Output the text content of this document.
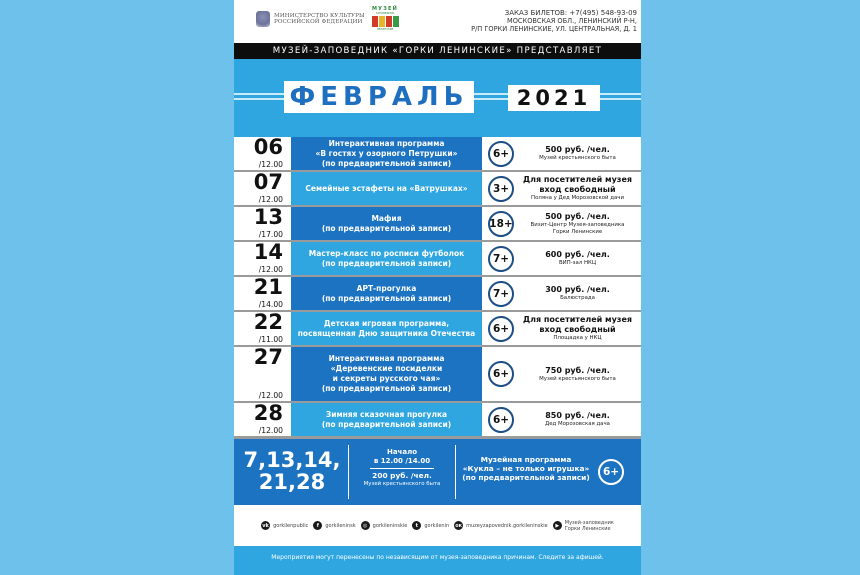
МИНИСТЕРСТВО КУЛЬТУРЫ
РОССИЙСКОЙ ФЕДЕРАЦИИ
МУЗЕЙ
ЗАПОВЕДНИК
ЛЕНИНСКИЕ
ЗАКАЗ БИЛЕТОВ: +7(495) 548-93-09
МОСКОВСКАЯ ОБЛ., ЛЕНИНСКИЙ Р-Н,
Р/П ГОРКИ ЛЕНИНСКИЕ, УЛ. ЦЕНТРАЛЬНАЯ, Д. 1
МУЗЕЙ-ЗАПОВЕДНИК «ГОРКИ ЛЕНИНСКИЕ» ПРЕДСТАВЛЯЕТ
ФЕВРАЛЬ	2021
06
/12.00
Интерактивная программа
«В гостях у озорного Петрушки»
(по предварительной записи)
6+	500 руб. /чел.
Музей крестьянского быта
07
/12.00
Семейные эстафеты на «Ватрушках»	3+
Для посетителей музея
вход свободный
Поляна у Дед Морозовской дачи
13
/17.00
Мафия
(по предварительной записи)	18+
500 руб. /чел.
Визит-Центр Музея-заповедника
Горки Ленинские
14
/12.00
Мастер-класс по росписи футболок
(по предварительной записи)	7+	600 руб. /чел.
ВИП-зал НКЦ
21
/14.00
АРТ-прогулка
(по предварительной записи)	7+	300 руб. /чел.
Балюстрада
22
/11.00
Детская игровая программа,
посвященная Дню защитника Отечества	6+
Для посетителей музея
вход свободный
Площадка у НКЦ
27
/12.00
Интерактивная программа
«Деревенские посиделки
и секреты русского чая»
(по предварительной записи)
6+	750 руб. /чел.
Музей крестьянского быта
28
/12.00
Зимняя сказочная прогулка
(по предварительной записи)	6+	850 руб. /чел.
Дед Морозовская дача
7,13,14,
21,28
Начало
в 12.00 /14.00
200 руб. /чел.
Музей крестьянского быта
Музейная программа
«Кукла – не только игрушка»
(по предварительной записи)	6+
vk gorkilenpublic	f	gorkileninsk	◎	gorkileninskie	t	gorkilenin ок muzeyzapovednik.gorkileninskie	▶	Музей-заповедник
Горки Ленинские
Мероприятия могут перенесены по независящим от музея-заповедника причинам. Следите за афишей.
